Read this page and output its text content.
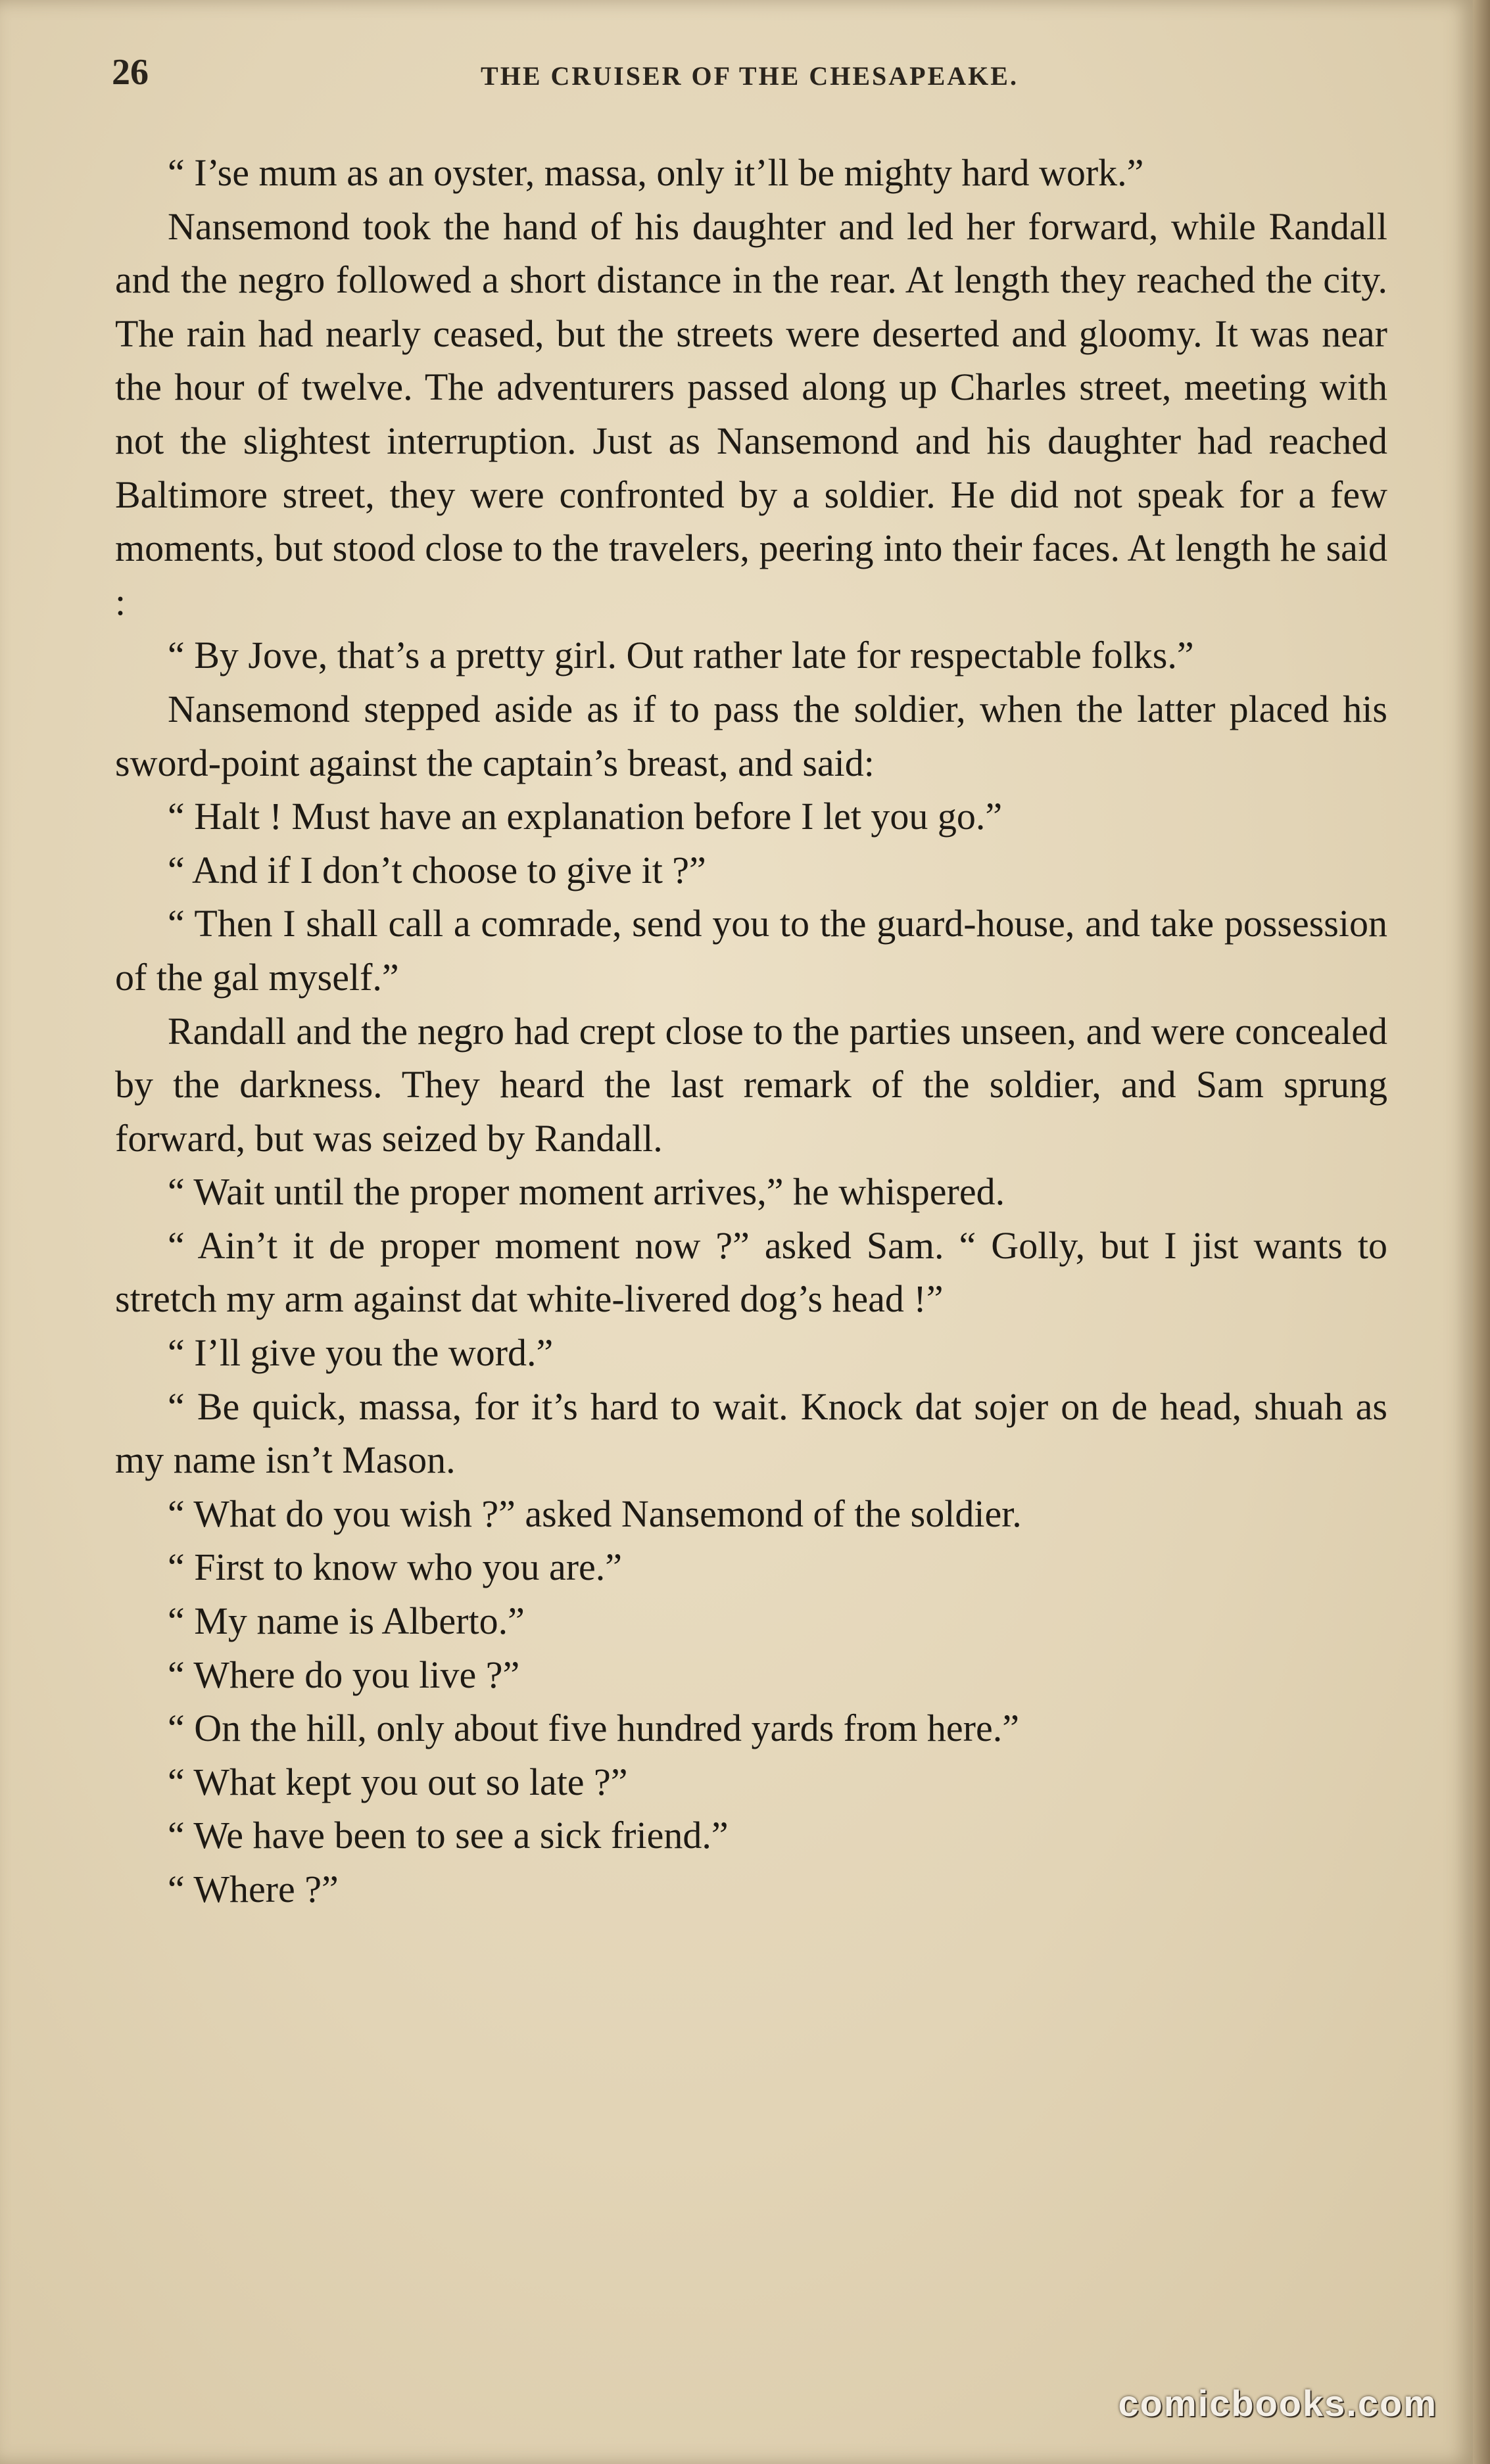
26	THE CRUISER OF THE CHESAPEAKE.

“ I’se mum as an oyster, massa, only it’ll be mighty hard work.”

Nansemond took the hand of his daughter and led her forward, while Randall and the negro followed a short distance in the rear. At length they reached the city. The rain had nearly ceased, but the streets were deserted and gloomy. It was near the hour of twelve. The adventurers passed along up Charles street, meeting with not the slightest interruption. Just as Nansemond and his daughter had reached Baltimore street, they were confronted by a soldier. He did not speak for a few moments, but stood close to the travelers, peering into their faces. At length he said :

“ By Jove, that’s a pretty girl. Out rather late for respectable folks.”

Nansemond stepped aside as if to pass the soldier, when the latter placed his sword-point against the captain’s breast, and said:

“ Halt ! Must have an explanation before I let you go.”

“ And if I don’t choose to give it ?”

“ Then I shall call a comrade, send you to the guard-house, and take possession of the gal myself.”

Randall and the negro had crept close to the parties unseen, and were concealed by the darkness. They heard the last remark of the soldier, and Sam sprung forward, but was seized by Randall.

“ Wait until the proper moment arrives,” he whispered.

“ Ain’t it de proper moment now ?” asked Sam. “ Golly, but I jist wants to stretch my arm against dat white-livered dog’s head !”

“ I’ll give you the word.”

“ Be quick, massa, for it’s hard to wait. Knock dat sojer on de head, shuah as my name isn’t Mason.

“ What do you wish ?” asked Nansemond of the soldier.

“ First to know who you are.”

“ My name is Alberto.”

“ Where do you live ?”

“ On the hill, only about five hundred yards from here.”

“ What kept you out so late ?”

“ We have been to see a sick friend.”

“ Where ?”

comicbooks.com
